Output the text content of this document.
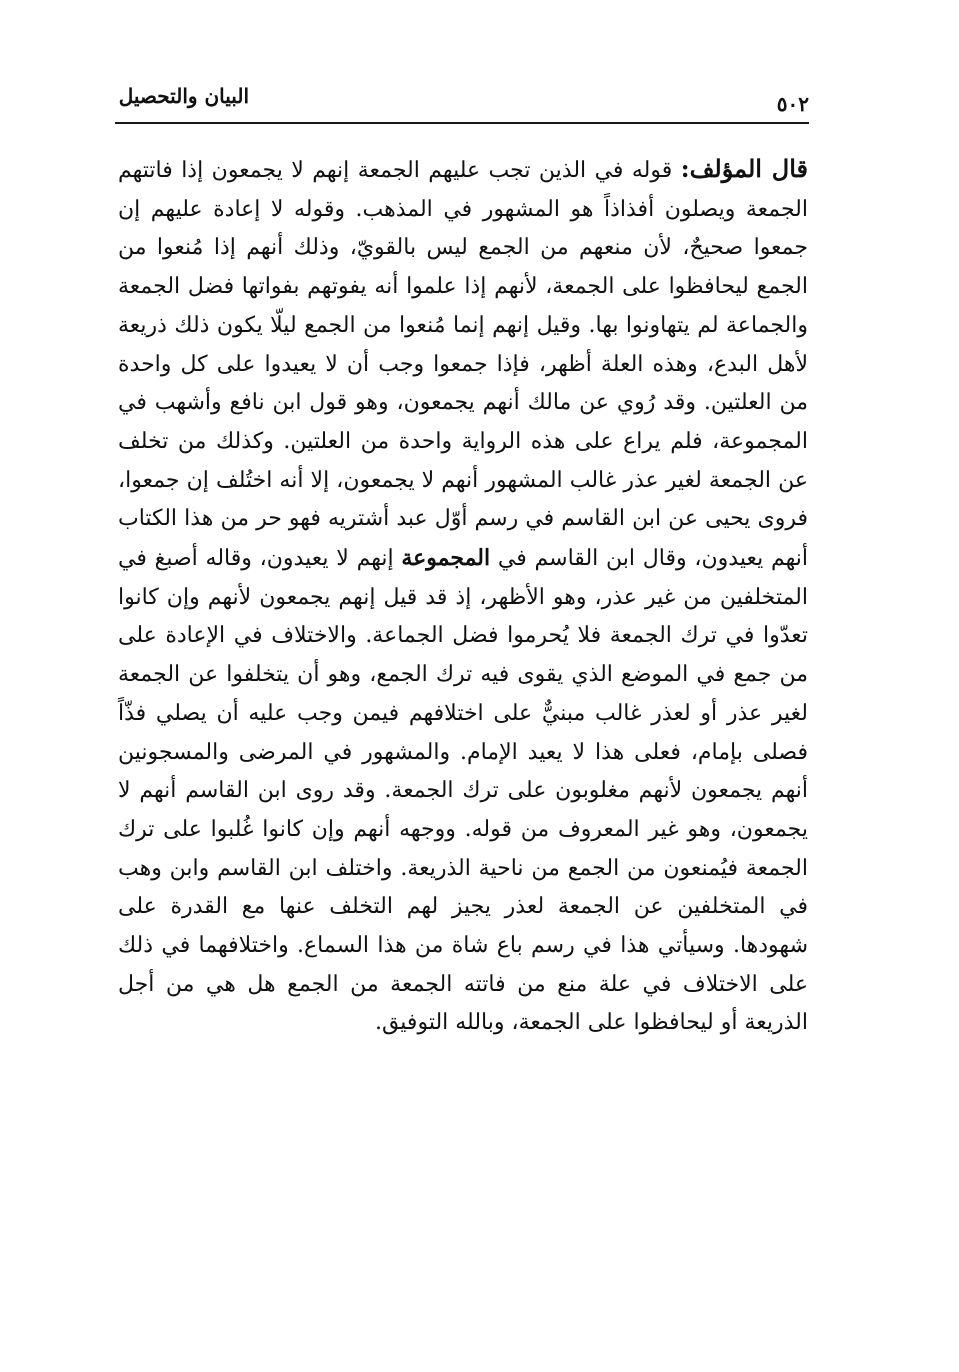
البيان والتحصيل	٥٠٢

قال المؤلف: قوله في الذين تجب عليهم الجمعة إنهم لا يجمعون إذا فاتتهم الجمعة ويصلون أفذاذاً هو المشهور في المذهب. وقوله لا إعادة عليهم إن جمعوا صحيحٌ، لأن منعهم من الجمع ليس بالقويّ، وذلك أنهم إذا مُنعوا من الجمع ليحافظوا على الجمعة، لأنهم إذا علموا أنه يفوتهم بفواتها فضل الجمعة والجماعة لم يتهاونوا بها. وقيل إنهم إنما مُنعوا من الجمع ليلّا يكون ذلك ذريعة لأهل البدع، وهذه العلة أظهر، فإذا جمعوا وجب أن لا يعيدوا على كل واحدة من العلتين. وقد رُوي عن مالك أنهم يجمعون، وهو قول ابن نافع وأشهب في المجموعة، فلم يراع على هذه الرواية واحدة من العلتين. وكذلك من تخلف عن الجمعة لغير عذر غالب المشهور أنهم لا يجمعون، إلا أنه اختُلف إن جمعوا، فروى يحيى عن ابن القاسم في رسم أوّل عبد أشتريه فهو حر من هذا الكتاب أنهم يعيدون، وقال ابن القاسم في المجموعة إنهم لا يعيدون، وقاله أصبغ في المتخلفين من غير عذر، وهو الأظهر، إذ قد قيل إنهم يجمعون لأنهم وإن كانوا تعدّوا في ترك الجمعة فلا يُحرموا فضل الجماعة. والاختلاف في الإعادة على من جمع في الموضع الذي يقوى فيه ترك الجمع، وهو أن يتخلفوا عن الجمعة لغير عذر أو لعذر غالب مبنيٌّ على اختلافهم فيمن وجب عليه أن يصلي فذّاً فصلى بإمام، فعلى هذا لا يعيد الإمام. والمشهور في المرضى والمسجونين أنهم يجمعون لأنهم مغلوبون على ترك الجمعة. وقد روى ابن القاسم أنهم لا يجمعون، وهو غير المعروف من قوله. ووجهه أنهم وإن كانوا غُلبوا على ترك الجمعة فيُمنعون من الجمع من ناحية الذريعة. واختلف ابن القاسم وابن وهب في المتخلفين عن الجمعة لعذر يجيز لهم التخلف عنها مع القدرة على شهودها. وسيأتي هذا في رسم باع شاة من هذا السماع. واختلافهما في ذلك على الاختلاف في علة منع من فاتته الجمعة من الجمع هل هي من أجل الذريعة أو ليحافظوا على الجمعة، وبالله التوفيق.
